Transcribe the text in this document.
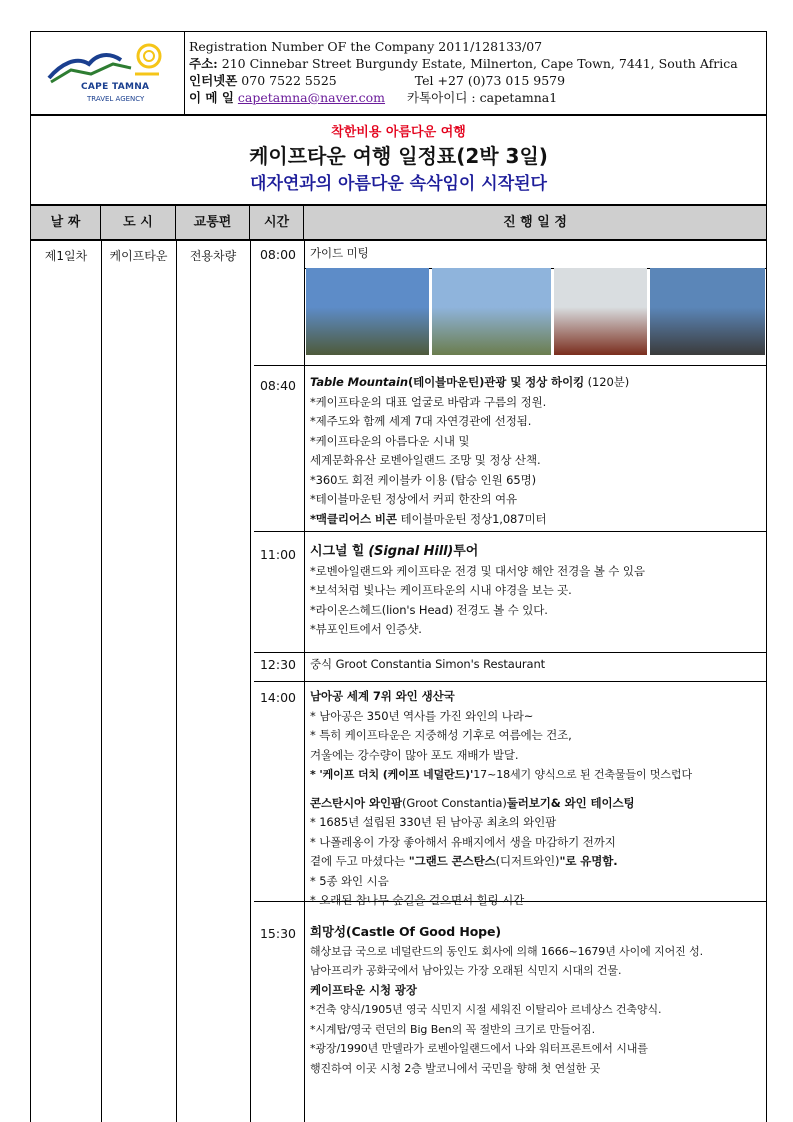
CAPE TAMNA
TRAVEL AGENCY
Registration Number OF the Company 2011/128133/07
주소: 210 Cinnebar Street Burgundy Estate, Milnerton, Cape Town, 7441, South Africa
인터넷폰 070 7522 5525	Tel +27 (0)73 015 9579
이 메 일 capetamna@naver.com 카톡아이디 : capetamna1
착한비용 아름다운 여행
케이프타운 여행 일정표(2박 3일)
대자연과의 아름다운 속삭임이 시작된다
날 짜	도 시	교통편	시간	진 행 일 정
제1일차	케이프타운	전용차량	08:00	가이드 미팅
08:40	Table Mountain(테이블마운틴)관광 및 정상 하이킹 (120분)
*케이프타운의 대표 얼굴로 바람과 구름의 정원.
*제주도와 함께 세계 7대 자연경관에 선정됨.
*케이프타운의 아름다운 시내 및
세계문화유산 로벤아일랜드 조망 및 정상 산책.
*360도 회전 케이블카 이용 (탑승 인원 65명)
*테이블마운틴 정상에서 커피 한잔의 여유
*맥클리어스 비콘 테이블마운틴 정상1,087미터
11:00	시그널 힐 (Signal Hill)투어
*로벤아일랜드와 케이프타운 전경 및 대서양 해안 전경을 볼 수 있음
*보석처럼 빛나는 케이프타운의 시내 야경을 보는 곳.
*라이온스헤드(lion's Head) 전경도 볼 수 있다.
*뷰포인트에서 인증샷.
12:30	중식 Groot Constantia Simon's Restaurant
14:00	남아공 세계 7위 와인 생산국
* 남아공은 350년 역사를 가진 와인의 나라~
* 특히 케이프타운은 지중해성 기후로 여름에는 건조,
겨울에는 강수량이 많아 포도 재배가 발달.
* '케이프 더치 (케이프 네덜란드)'17~18세기 양식으로 된 건축물들이 멋스럽다
콘스탄시아 와인팜(Groot Constantia)둘러보기& 와인 테이스팅
* 1685년 설립된 330년 된 남아공 최초의 와인팜
* 나폴레옹이 가장 좋아해서 유배지에서 생을 마감하기 전까지
곁에 두고 마셨다는 "그랜드 콘스탄스(디저트와인)"로 유명함.
* 5종 와인 시음
* 오래된 참나무 숲길을 걸으면서 힐링 시간
15:30	희망성(Castle Of Good Hope)
해상보급 국으로 네덜란드의 동인도 회사에 의해 1666~1679년 사이에 지어진 성.
남아프리카 공화국에서 남아있는 가장 오래된 식민지 시대의 건물.
케이프타운 시청 광장
*건축 양식/1905년 영국 식민지 시절 세워진 이탈리아 르네상스 건축양식.
*시계탑/영국 런던의 Big Ben의 꼭 절반의 크기로 만들어짐.
*광장/1990년 만델라가 로벤아일랜드에서 나와 워터프론트에서 시내를
행진하여 이곳 시청 2층 발코니에서 국민을 향해 첫 연설한 곳
